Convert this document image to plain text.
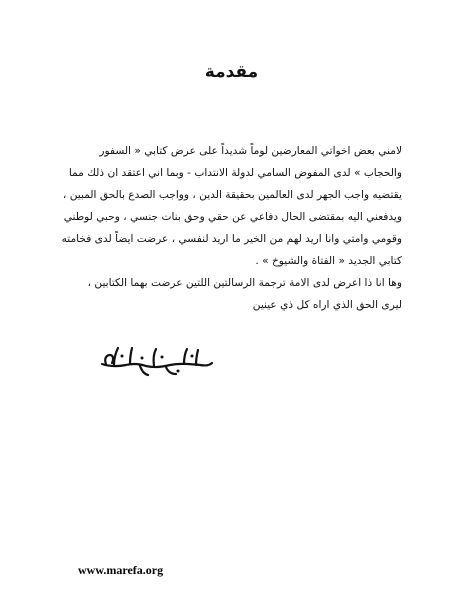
مقدمة
لامني بعض اخواتي المعارضين لوماً شديداً على عرض كتابي « السفور
والحجاب » لدى المفوض السامي لدولة الانتداب - وبما اني اعتقد ان ذلك مما
يقتضيه واجب الجهر لدى العالمين بحقيقة الدين ، وواجب الصدع بالحق المبين ،
ويدفعني اليه بمقتضى الحال دفاعي عن حقي وحق بنات جنسي ، وحبي لوطني
وقومي وامتي وانا اريد لهم من الخير ما اريد لنفسي ، عرضت ايضاً لدى فخامته
كتابي الجديد « الفتاة والشيوخ » .
وها انا ذا اعرض لدى الامة ترجمة الرسالتين اللتين عرضت بهما الكتابين ،
ليرى الحق الذي اراه كل ذي عينين
www.marefa.org
